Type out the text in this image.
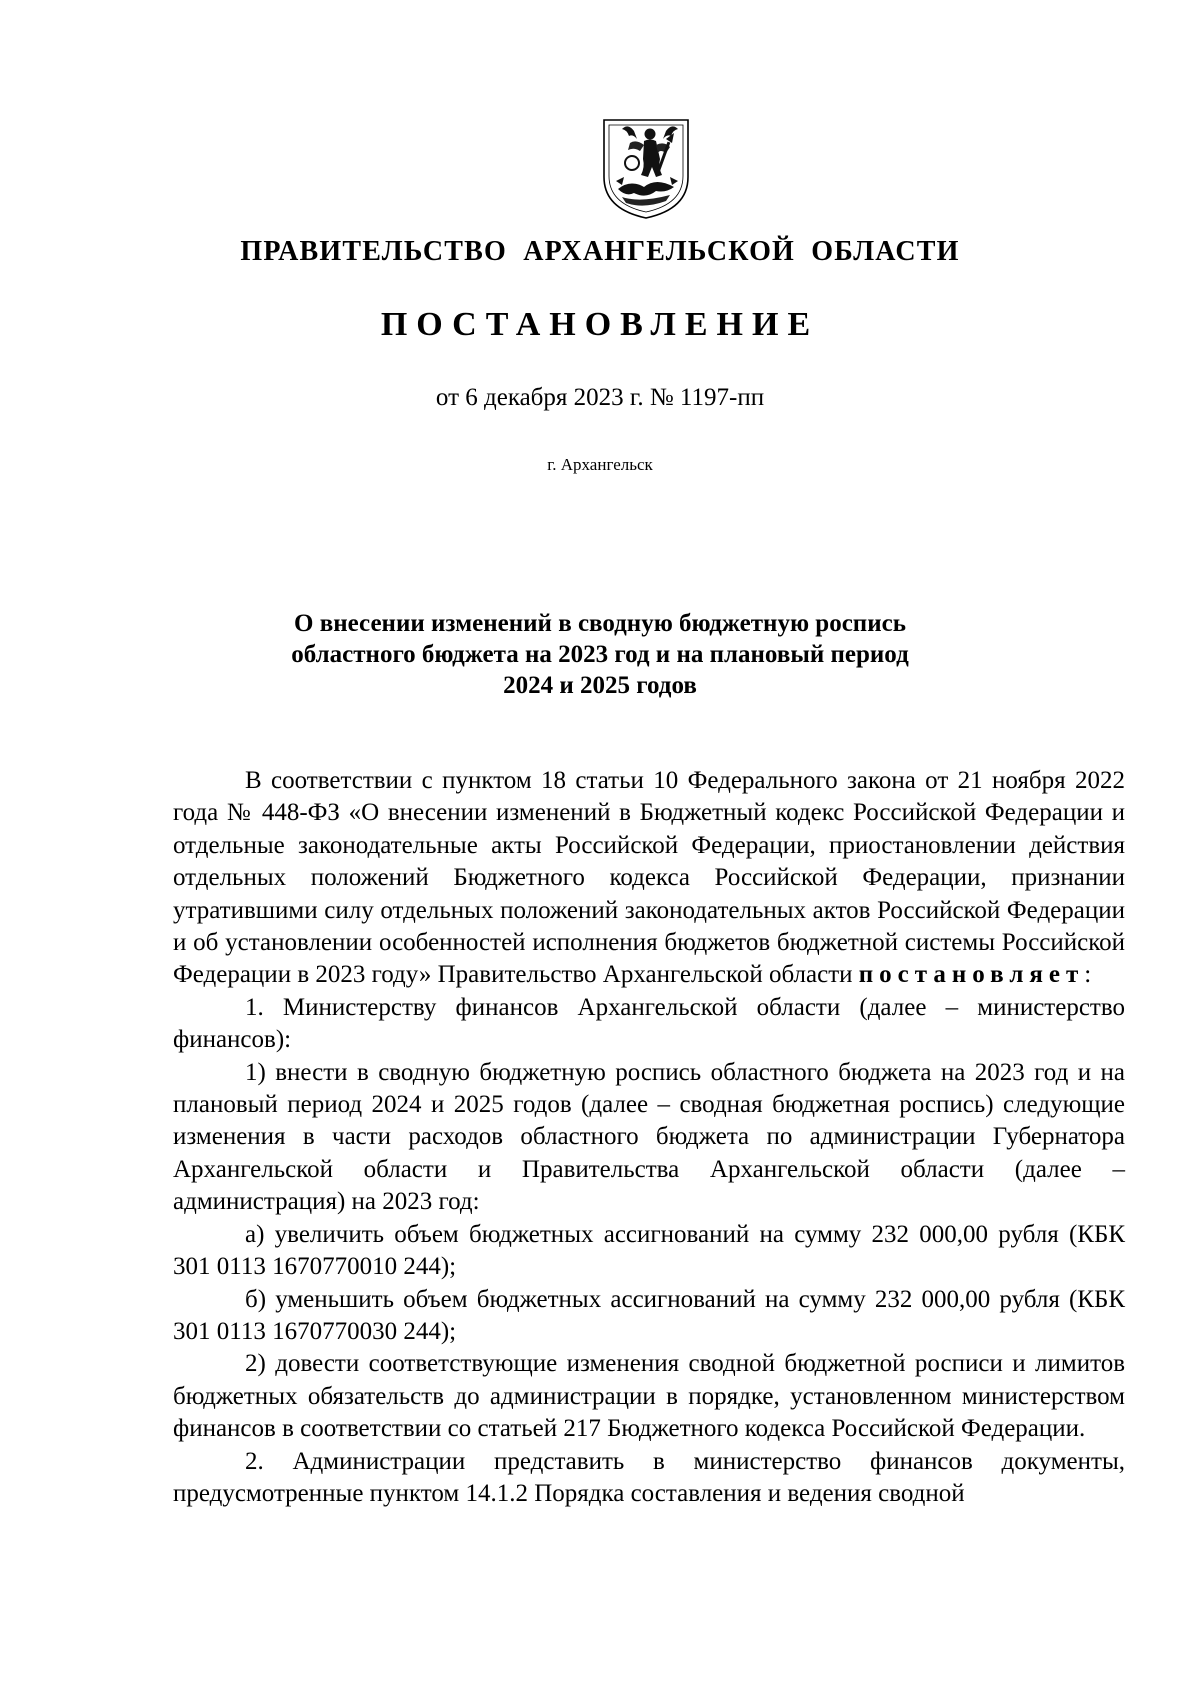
ПРАВИТЕЛЬСТВО АРХАНГЕЛЬСКОЙ ОБЛАСТИ
ПОСТАНОВЛЕНИЕ
от 6 декабря 2023 г. № 1197-пп
г. Архангельск
О внесении изменений в сводную бюджетную роспись
областного бюджета на 2023 год и на плановый период
2024 и 2025 годов

В соответствии с пунктом 18 статьи 10 Федерального закона от 21 ноября 2022 года № 448-ФЗ «О внесении изменений в Бюджетный кодекс Российской Федерации и отдельные законодательные акты Российской Федерации, приостановлении действия отдельных положений Бюджетного кодекса Российской Федерации, признании утратившими силу отдельных положений законодательных актов Российской Федерации и об установлении особенностей исполнения бюджетов бюджетной системы Российской Федерации в 2023 году» Правительство Архангельской области постановляет:

1. Министерству финансов Архангельской области (далее – министерство финансов):

1) внести в сводную бюджетную роспись областного бюджета на 2023 год и на плановый период 2024 и 2025 годов (далее – сводная бюджетная роспись) следующие изменения в части расходов областного бюджета по администрации Губернатора Архангельской области и Правительства Архангельской области (далее – администрация) на 2023 год:

а) увеличить объем бюджетных ассигнований на сумму 232 000,00 рубля (КБК 301 0113 1670770010 244);

б) уменьшить объем бюджетных ассигнований на сумму 232 000,00 рубля (КБК 301 0113 1670770030 244);

2) довести соответствующие изменения сводной бюджетной росписи и лимитов бюджетных обязательств до администрации в порядке, установленном министерством финансов в соответствии со статьей 217 Бюджетного кодекса Российской Федерации.

2. Администрации представить в министерство финансов документы, предусмотренные пунктом 14.1.2 Порядка составления и ведения сводной
